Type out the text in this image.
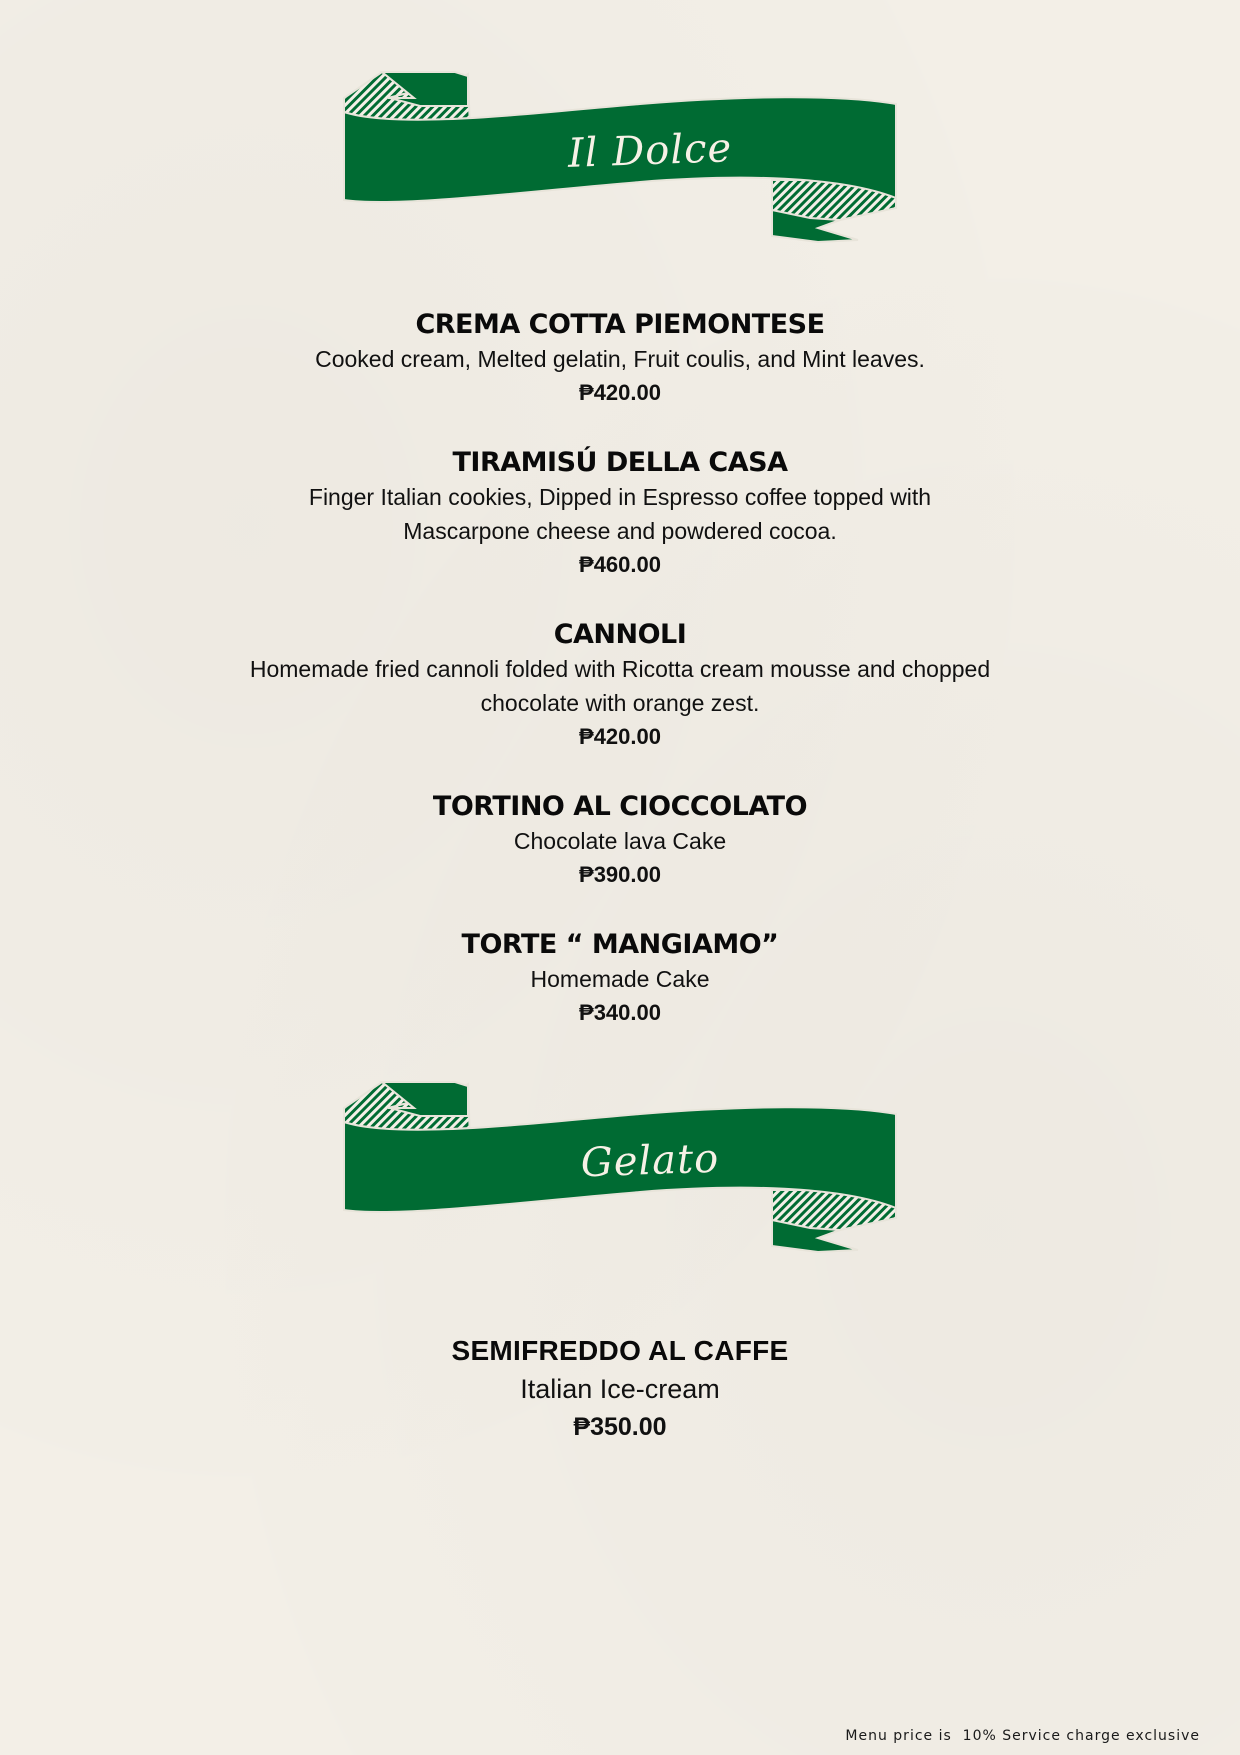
Il Dolce
CREMA COTTA PIEMONTESE
Cooked cream, Melted gelatin, Fruit coulis, and Mint leaves.
₱420.00
TIRAMISÚ DELLA CASA
Finger Italian cookies, Dipped in Espresso coffee topped with
Mascarpone cheese and powdered cocoa.
₱460.00
CANNOLI
Homemade fried cannoli folded with Ricotta cream mousse and chopped
chocolate with orange zest.
₱420.00
TORTINO AL CIOCCOLATO
Chocolate lava Cake
₱390.00
TORTE “ MANGIAMO”
Homemade Cake
₱340.00
Gelato
SEMIFREDDO AL CAFFE
Italian Ice-cream
₱350.00
Menu price is  10% Service charge exclusive
